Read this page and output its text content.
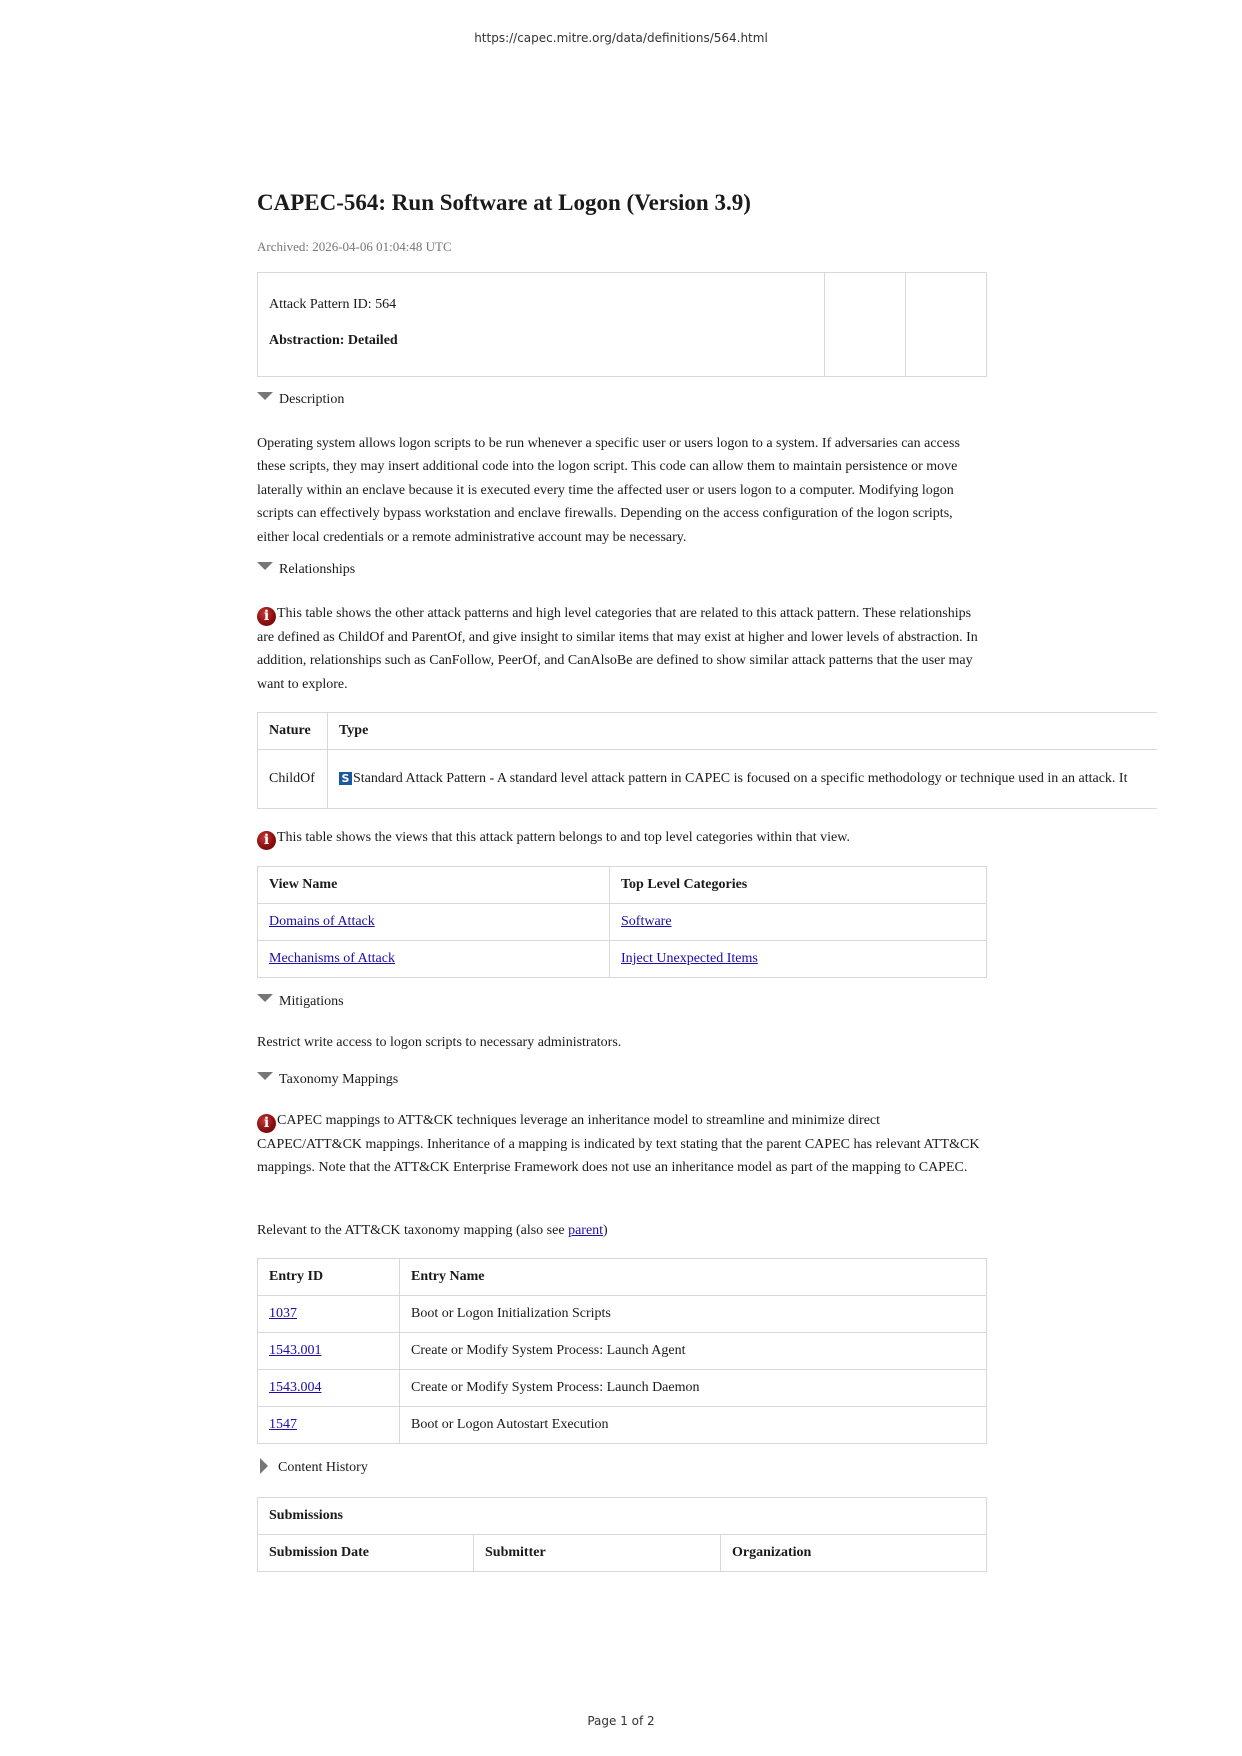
https://capec.mitre.org/data/definitions/564.html
CAPEC-564: Run Software at Logon (Version 3.9)
Archived: 2026-04-06 01:04:48 UTC
Attack Pattern ID: 564
Abstraction: Detailed
Description

Operating system allows logon scripts to be run whenever a specific user or users logon to a system. If adversaries can access these scripts, they may insert additional code into the logon script. This code can allow them to maintain persistence or move laterally within an enclave because it is executed every time the affected user or users logon to a computer. Modifying logon scripts can effectively bypass workstation and enclave firewalls. Depending on the access configuration of the logon scripts, either local credentials or a remote administrative account may be necessary.

Relationships

i This table shows the other attack patterns and high level categories that are related to this attack pattern. These relationships are defined as ChildOf and ParentOf, and give insight to similar items that may exist at higher and lower levels of abstraction. In addition, relationships such as CanFollow, PeerOf, and CanAlsoBe are defined to show similar attack patterns that the user may want to explore.

Nature	Type
ChildOf	S Standard Attack Pattern - A standard level attack pattern in CAPEC is focused on a specific methodology or technique used in an attack. It

i This table shows the views that this attack pattern belongs to and top level categories within that view.

View Name	Top Level Categories
Domains of Attack	Software
Mechanisms of Attack	Inject Unexpected Items
Mitigations

Restrict write access to logon scripts to necessary administrators.

Taxonomy Mappings

i CAPEC mappings to ATT&CK techniques leverage an inheritance model to streamline and minimize direct CAPEC/ATT&CK mappings. Inheritance of a mapping is indicated by text stating that the parent CAPEC has relevant ATT&CK mappings. Note that the ATT&CK Enterprise Framework does not use an inheritance model as part of the mapping to CAPEC.

Relevant to the ATT&CK taxonomy mapping (also see parent)

Entry ID	Entry Name
1037	Boot or Logon Initialization Scripts
1543.001	Create or Modify System Process: Launch Agent
1543.004	Create or Modify System Process: Launch Daemon
1547	Boot or Logon Autostart Execution
Content History
Submissions
Submission Date	Submitter	Organization
Page 1 of 2
